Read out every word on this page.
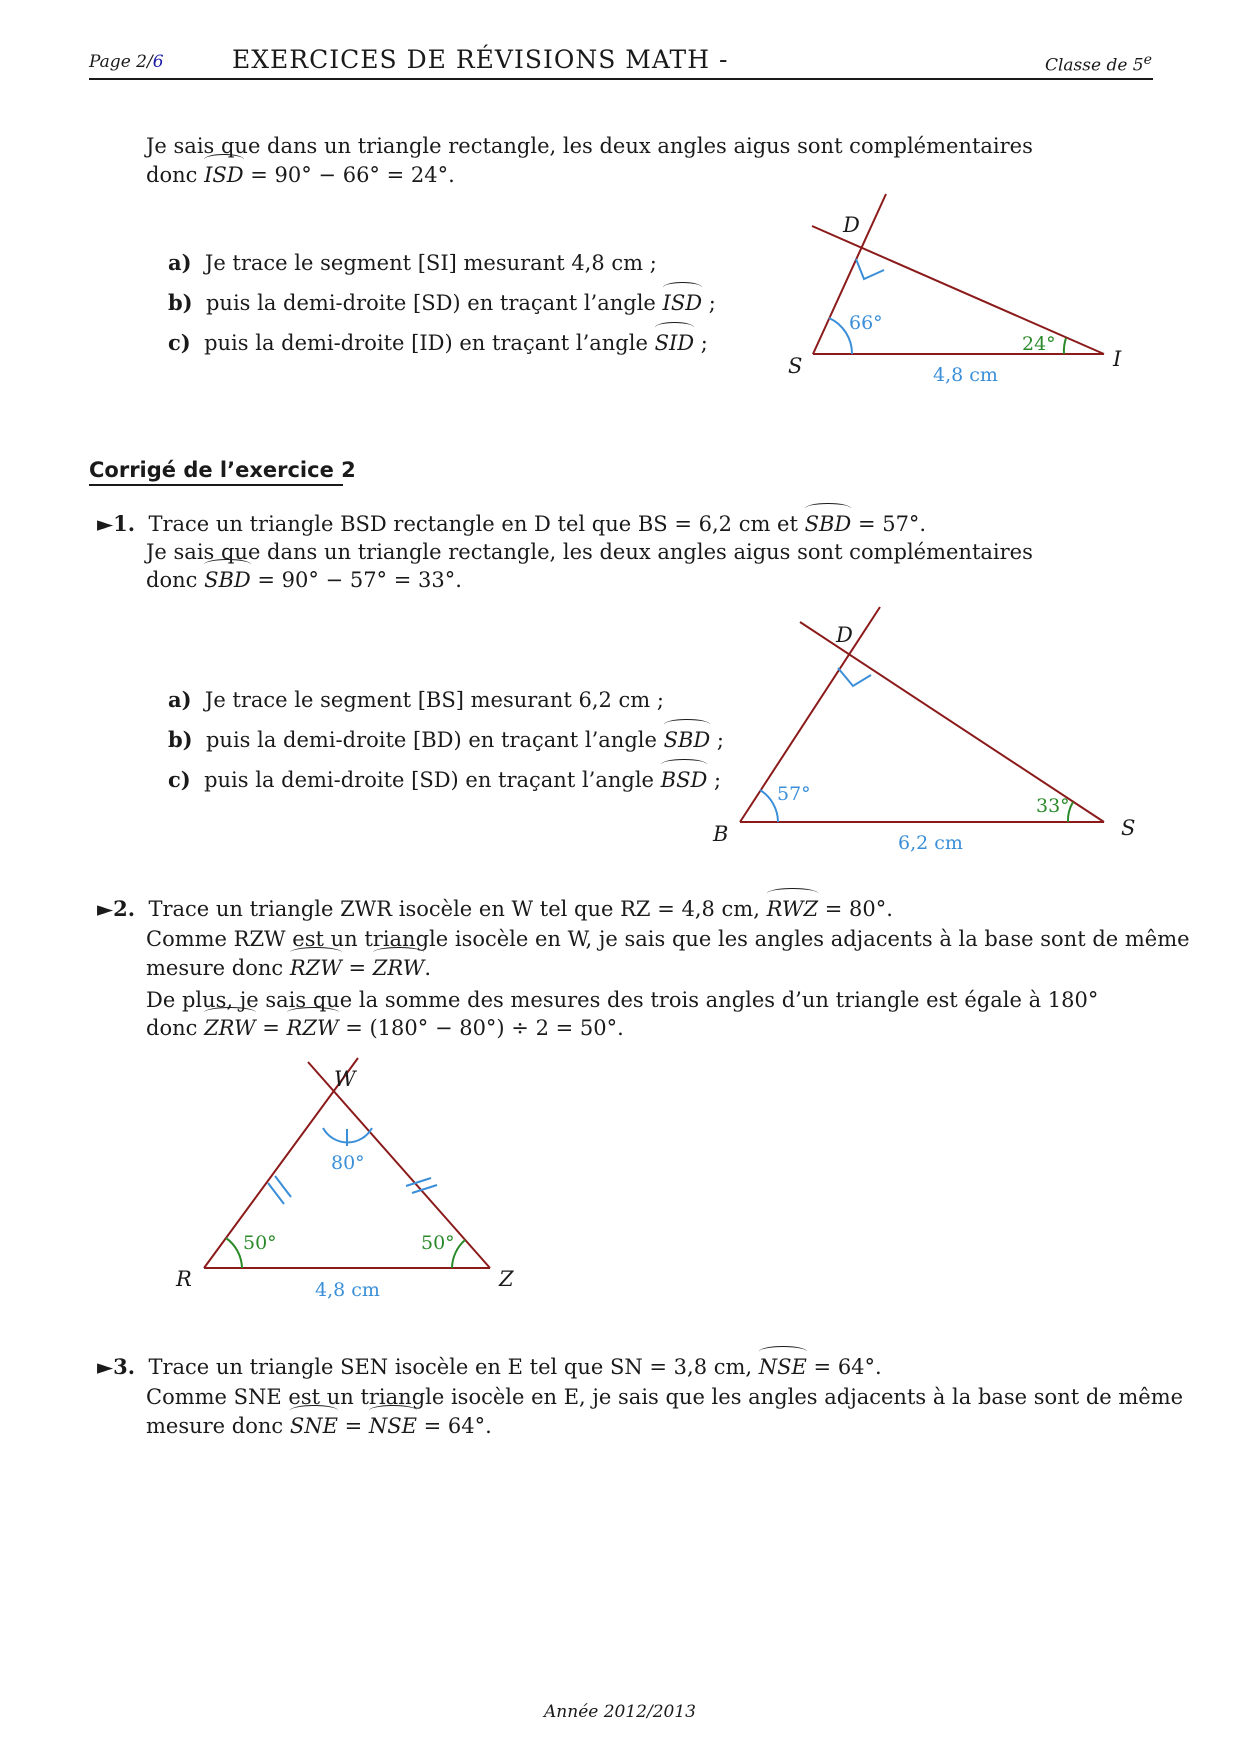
Page 2/6	EXERCICES DE RÉVISIONS MATH -	Classe de 5e
Je sais que dans un triangle rectangle, les deux angles aigus sont complémentaires
donc ISD = 90° − 66° = 24°.
a) Je trace le segment [SI] mesurant 4,8 cm ;
b) puis la demi-droite [SD) en traçant l’angle ISD ;
c) puis la demi-droite [ID) en traçant l’angle SID ;
D
S	I
66°
24°
4,8 cm
Corrigé de l’exercice 2
►1. Trace un triangle BSD rectangle en D tel que BS = 6,2 cm et SBD = 57°.
Je sais que dans un triangle rectangle, les deux angles aigus sont complémentaires
donc SBD = 90° − 57° = 33°.
a) Je trace le segment [BS] mesurant 6,2 cm ;
b) puis la demi-droite [BD) en traçant l’angle SBD ;
c) puis la demi-droite [SD) en traçant l’angle BSD ;
D
B	S
57°
33°
6,2 cm
►2. Trace un triangle ZWR isocèle en W tel que RZ = 4,8 cm, RWZ = 80°.
Comme RZW est un triangle isocèle en W, je sais que les angles adjacents à la base sont de même
mesure donc RZW = ZRW.
De plus, je sais que la somme des mesures des trois angles d’un triangle est égale à 180°
donc ZRW = RZW = (180° − 80°) ÷ 2 = 50°.
W
R	Z
80°
50°	50°
4,8 cm
►3. Trace un triangle SEN isocèle en E tel que SN = 3,8 cm, NSE = 64°.
Comme SNE est un triangle isocèle en E, je sais que les angles adjacents à la base sont de même
mesure donc SNE = NSE = 64°.
Année 2012/2013
